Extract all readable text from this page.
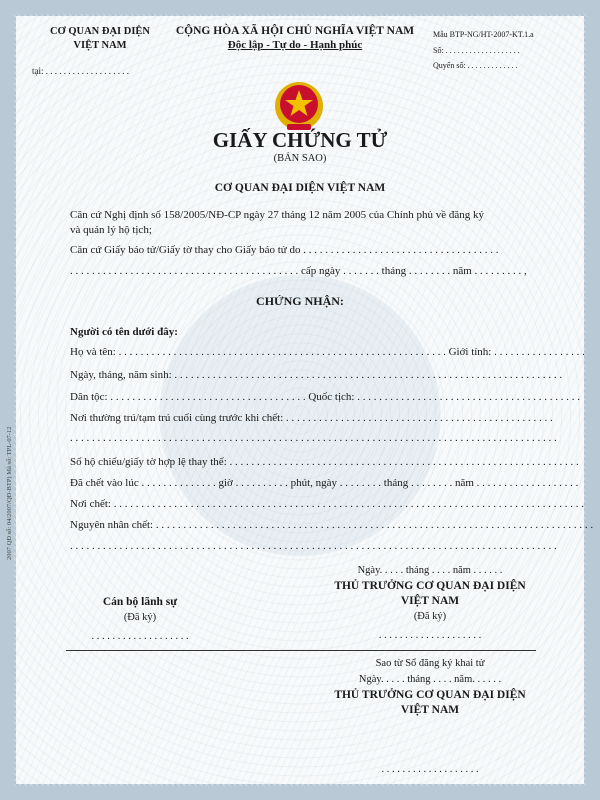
CƠ QUAN ĐẠI DIỆN
VIỆT NAM
tại: . . . . . . . . . . . . . . . . . . .
CỘNG HÒA XÃ HỘI CHỦ NGHĨA VIỆT NAM
Độc lập - Tự do - Hạnh phúc
Mẫu BTP-NG/HT-2007-KT.1.a
Số: . . . . . . . . . . . . . . . . . . .
Quyển số: . . . . . . . . . . . . .
GIẤY CHỨNG TỬ
(BẢN SAO)
CƠ QUAN ĐẠI DIỆN VIỆT NAM
Căn cứ Nghị định số 158/2005/NĐ-CP ngày 27 tháng 12 năm 2005 của Chính phủ về đăng ký
và quản lý hộ tịch;
Căn cứ Giấy báo tử/Giấy tờ thay cho Giấy báo tử do . . . . . . . . . . . . . . . . . . . . . . . . . . . . . . . . . . . .
. . . . . . . . . . . . . . . . . . . . . . . . . . . . . . . . . . . . . . . . . . cấp ngày . . . . . . . tháng . . . . . . . . năm . . . . . . . . . ,
CHỨNG NHẬN:
Người có tên dưới đây:
Họ và tên: . . . . . . . . . . . . . . . . . . . . . . . . . . . . . . . . . . . . . . . . . . . . . . . . . . . . . . . . . . . . Giới tính: . . . . . . . . . . . . . . . . .
Ngày, tháng, năm sinh: . . . . . . . . . . . . . . . . . . . . . . . . . . . . . . . . . . . . . . . . . . . . . . . . . . . . . . . . . . . . . . . . . . . . . . .
Dân tộc: . . . . . . . . . . . . . . . . . . . . . . . . . . . . . . . . . . . . Quốc tịch: . . . . . . . . . . . . . . . . . . . . . . . . . . . . . . . . . . . . . . . . .
Nơi thường trú/tạm trú cuối cùng trước khi chết: . . . . . . . . . . . . . . . . . . . . . . . . . . . . . . . . . . . . . . . . . . . . . . . . .
. . . . . . . . . . . . . . . . . . . . . . . . . . . . . . . . . . . . . . . . . . . . . . . . . . . . . . . . . . . . . . . . . . . . . . . . . . . . . . . . . . . . . . . . .
Số hộ chiếu/giấy tờ hợp lệ thay thế: . . . . . . . . . . . . . . . . . . . . . . . . . . . . . . . . . . . . . . . . . . . . . . . . . . . . . . . . . . . . . . . .
Đã chết vào lúc . . . . . . . . . . . . . . giờ . . . . . . . . . . phút, ngày . . . . . . . . tháng . . . . . . . . năm . . . . . . . . . . . . . . . . . . .
Nơi chết: . . . . . . . . . . . . . . . . . . . . . . . . . . . . . . . . . . . . . . . . . . . . . . . . . . . . . . . . . . . . . . . . . . . . . . . . . . . . . . . . . . . . . .
Nguyên nhân chết: . . . . . . . . . . . . . . . . . . . . . . . . . . . . . . . . . . . . . . . . . . . . . . . . . . . . . . . . . . . . . . . . . . . . . . . . . . . . . . . .
. . . . . . . . . . . . . . . . . . . . . . . . . . . . . . . . . . . . . . . . . . . . . . . . . . . . . . . . . . . . . . . . . . . . . . . . . . . . . . . . . . . . . . . . .
Ngày. . . . . tháng . . . . năm . . . . . .
THỦ TRƯỞNG CƠ QUAN ĐẠI DIỆN
VIỆT NAM
(Đã ký)
. . . . . . . . . . . . . . . . . . . .
Cán bộ lãnh sự
(Đã ký)
. . . . . . . . . . . . . . . . . . .
Sao từ Sổ đăng ký khai tử
Ngày. . . . . tháng . . . . năm. . . . . .
THỦ TRƯỞNG CƠ QUAN ĐẠI DIỆN
VIỆT NAM
. . . . . . . . . . . . . . . . . . .
2007 QĐ số: 04/2007/QĐ-BTP) Mã số: TPL-07-12
